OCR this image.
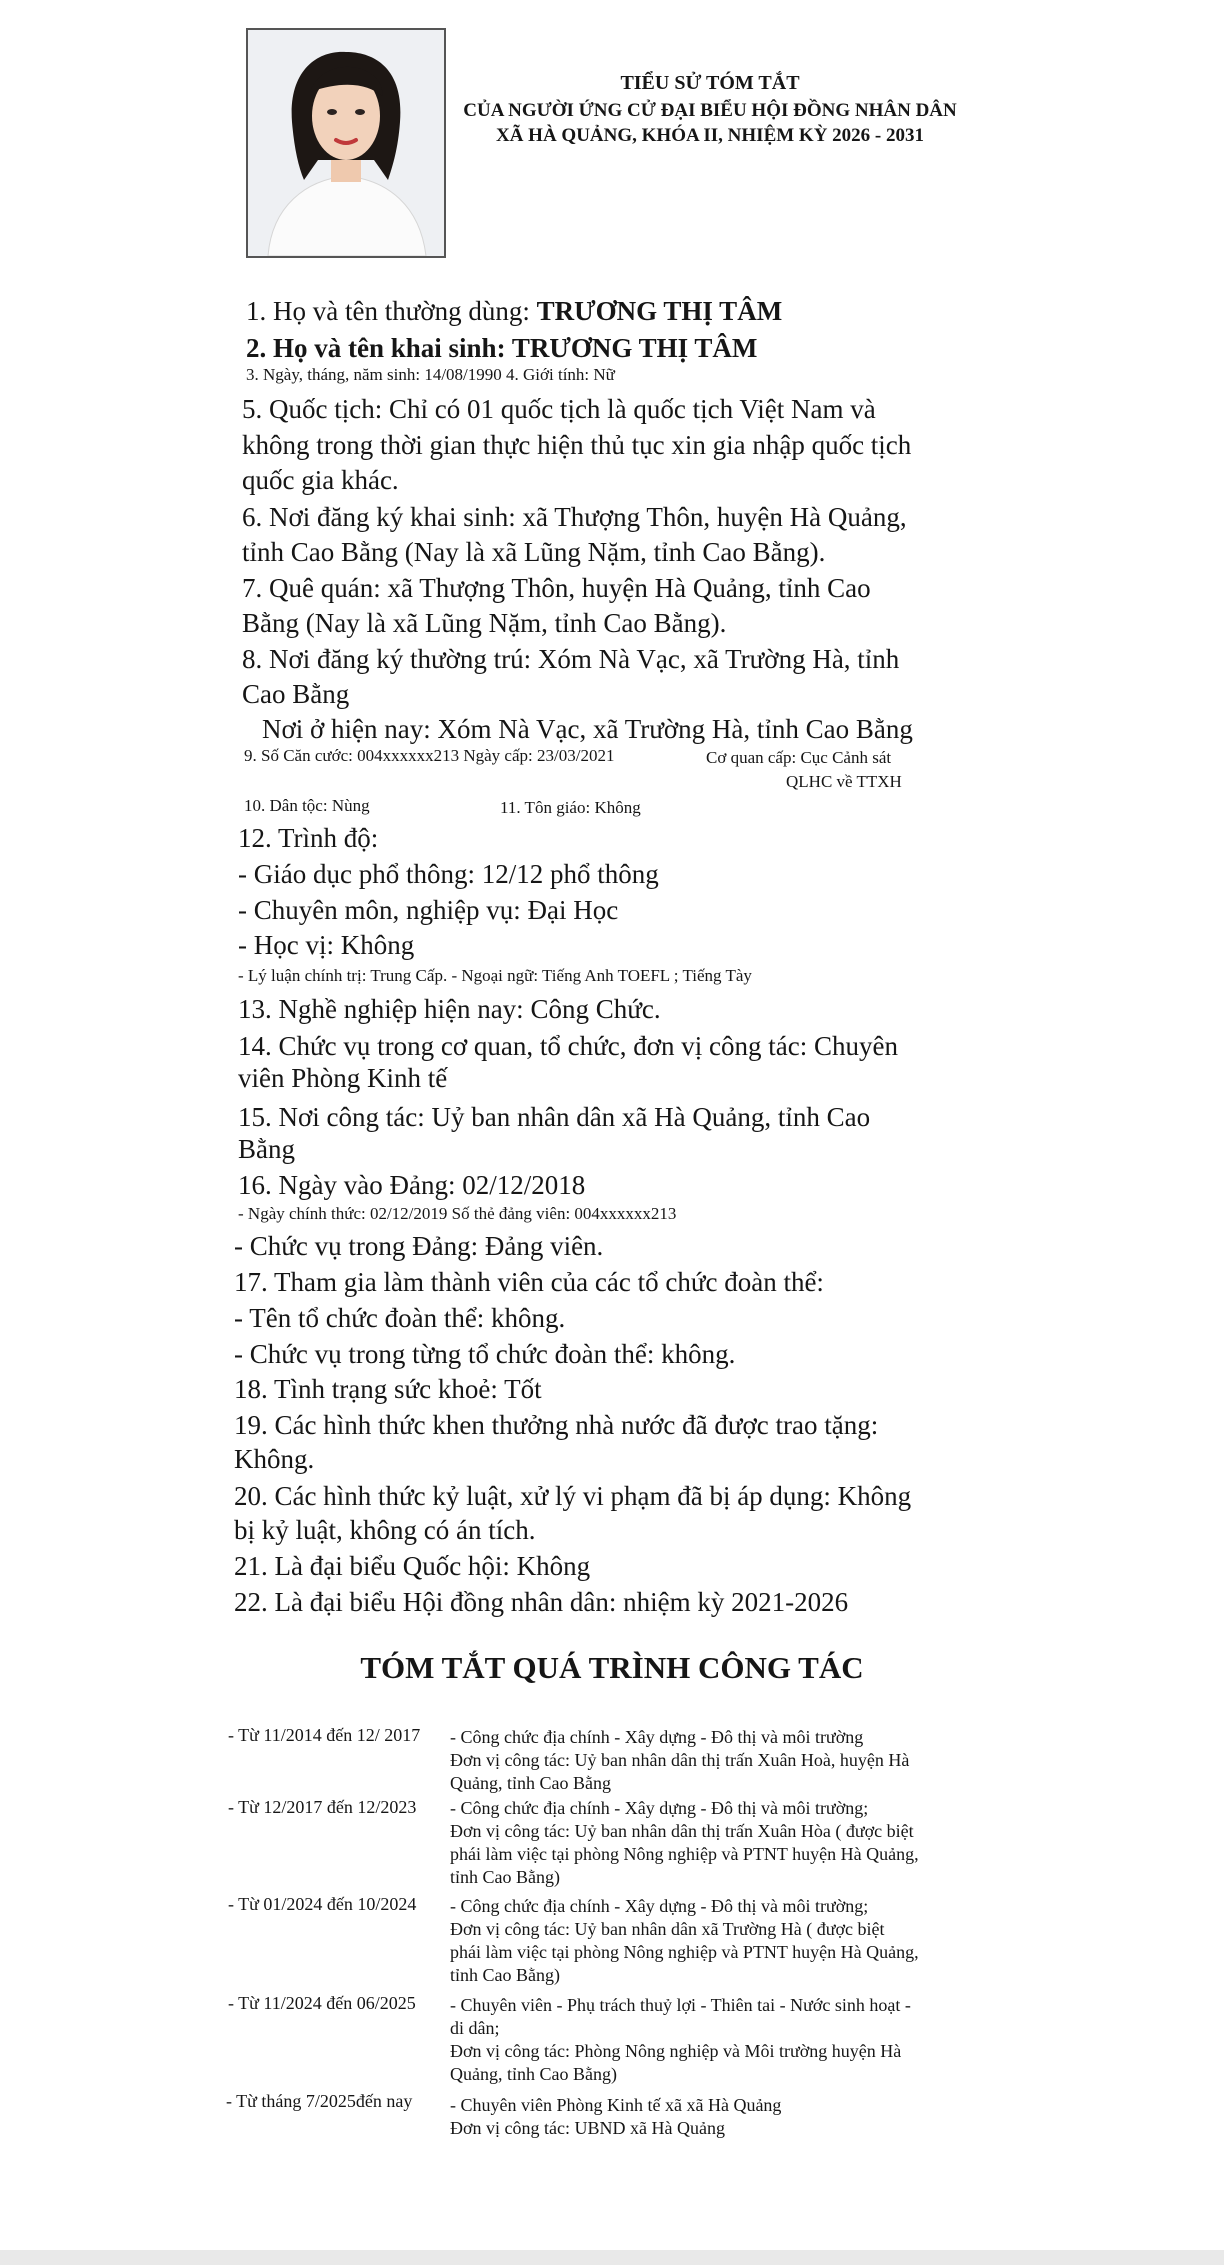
TIỂU SỬ TÓM TẮT
CỦA NGƯỜI ỨNG CỬ ĐẠI BIỂU HỘI ĐỒNG NHÂN DÂN
XÃ HÀ QUẢNG, KHÓA II, NHIỆM KỲ 2026 - 2031
1. Họ và tên thường dùng: TRƯƠNG THỊ TÂM
2. Họ và tên khai sinh: TRƯƠNG THỊ TÂM
3. Ngày, tháng, năm sinh: 14/08/1990 4. Giới tính: Nữ
5. Quốc tịch: Chỉ có 01 quốc tịch là quốc tịch Việt Nam và
không trong thời gian thực hiện thủ tục xin gia nhập quốc tịch
quốc gia khác.
6. Nơi đăng ký khai sinh: xã Thượng Thôn, huyện Hà Quảng,
tỉnh Cao Bằng (Nay là xã Lũng Nặm, tỉnh Cao Bằng).
7. Quê quán: xã Thượng Thôn, huyện Hà Quảng, tỉnh Cao
Bằng (Nay là xã Lũng Nặm, tỉnh Cao Bằng).
8. Nơi đăng ký thường trú: Xóm Nà Vạc, xã Trường Hà, tỉnh
Cao Bằng
Nơi ở hiện nay: Xóm Nà Vạc, xã Trường Hà, tỉnh Cao Bằng
9. Số Căn cước: 004xxxxxx213 Ngày cấp: 23/03/2021	Cơ quan cấp: Cục Cảnh sát
QLHC về TTXH
10. Dân tộc: Nùng	11. Tôn giáo: Không
12. Trình độ:
- Giáo dục phổ thông: 12/12 phổ thông
- Chuyên môn, nghiệp vụ: Đại Học
- Học vị: Không
- Lý luận chính trị: Trung Cấp. - Ngoại ngữ: Tiếng Anh TOEFL ; Tiếng Tày
13. Nghề nghiệp hiện nay: Công Chức.
14. Chức vụ trong cơ quan, tổ chức, đơn vị công tác: Chuyên
viên Phòng Kinh tế
15. Nơi công tác: Uỷ ban nhân dân xã Hà Quảng, tỉnh Cao
Bằng
16. Ngày vào Đảng: 02/12/2018
- Ngày chính thức: 02/12/2019 Số thẻ đảng viên: 004xxxxxx213
- Chức vụ trong Đảng: Đảng viên.
17. Tham gia làm thành viên của các tổ chức đoàn thể:
- Tên tổ chức đoàn thể: không.
- Chức vụ trong từng tổ chức đoàn thể: không.
18. Tình trạng sức khoẻ: Tốt
19. Các hình thức khen thưởng nhà nước đã được trao tặng:
Không.
20. Các hình thức kỷ luật, xử lý vi phạm đã bị áp dụng: Không
bị kỷ luật, không có án tích.
21. Là đại biểu Quốc hội: Không
22. Là đại biểu Hội đồng nhân dân: nhiệm kỳ 2021-2026
TÓM TẮT QUÁ TRÌNH CÔNG TÁC
- Từ 11/2014 đến 12/ 2017 - Công chức địa chính - Xây dựng - Đô thị và môi trường
Đơn vị công tác: Uỷ ban nhân dân thị trấn Xuân Hoà, huyện Hà
Quảng, tỉnh Cao Bằng
- Từ 12/2017 đến 12/2023 - Công chức địa chính - Xây dựng - Đô thị và môi trường;
Đơn vị công tác: Uỷ ban nhân dân thị trấn Xuân Hòa ( được biệt
phái làm việc tại phòng Nông nghiệp và PTNT huyện Hà Quảng,
tỉnh Cao Bằng)
- Từ 01/2024 đến 10/2024 - Công chức địa chính - Xây dựng - Đô thị và môi trường;
Đơn vị công tác: Uỷ ban nhân dân xã Trường Hà ( được biệt
phái làm việc tại phòng Nông nghiệp và PTNT huyện Hà Quảng,
tỉnh Cao Bằng)
- Từ 11/2024 đến 06/2025 - Chuyên viên - Phụ trách thuỷ lợi - Thiên tai - Nước sinh hoạt -
di dân;
Đơn vị công tác: Phòng Nông nghiệp và Môi trường huyện Hà
Quảng, tỉnh Cao Bằng)
- Từ tháng 7/2025đến nay - Chuyên viên Phòng Kinh tế xã xã Hà Quảng
Đơn vị công tác: UBND xã Hà Quảng
